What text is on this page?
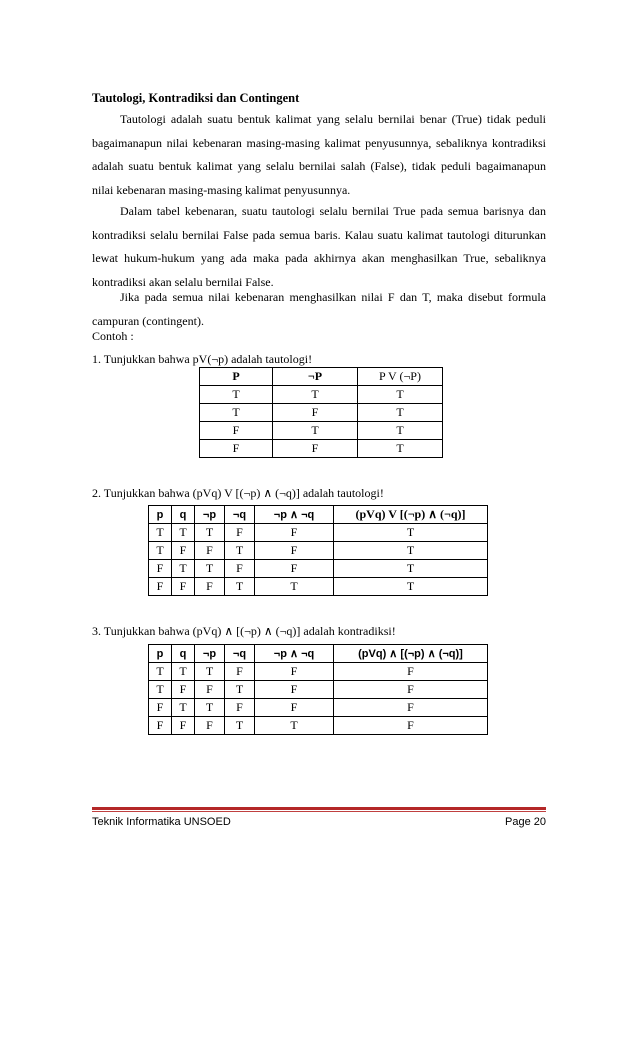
Tautologi, Kontradiksi dan Contingent
Tautologi adalah suatu bentuk kalimat yang selalu bernilai benar (True) tidak peduli bagaimanapun nilai kebenaran masing-masing kalimat penyusunnya, sebaliknya kontradiksi adalah suatu bentuk kalimat yang selalu bernilai salah (False), tidak peduli bagaimanapun nilai kebenaran masing-masing kalimat penyusunnya.
Dalam tabel kebenaran, suatu tautologi selalu bernilai True pada semua barisnya dan kontradiksi selalu bernilai False pada semua baris. Kalau suatu kalimat tautologi diturunkan lewat hukum-hukum yang ada maka pada akhirnya akan menghasilkan True, sebaliknya kontradiksi akan selalu bernilai False.
Jika pada semua nilai kebenaran menghasilkan nilai F dan T, maka disebut formula campuran (contingent).
Contoh :
1. Tunjukkan bahwa pV(¬p) adalah tautologi!
P	¬P	P V (¬P)
T	T	T
T	F	T
F	T	T
F	F	T
2. Tunjukkan bahwa (pVq) V [(¬p) ∧ (¬q)] adalah tautologi!
p	q	¬p	¬q	¬p ∧ ¬q	(pVq) V [(¬p) ∧ (¬q)]
T	T	T	F	F	T
T	F	F	T	F	T
F	T	T	F	F	T
F	F	F	T	T	T
3. Tunjukkan bahwa (pVq) ∧ [(¬p) ∧ (¬q)] adalah kontradiksi!
p	q	¬p	¬q	¬p ∧ ¬q	(pVq) ∧ [(¬p) ∧ (¬q)]
T	T	T	F	F	F
T	F	F	T	F	F
F	T	T	F	F	F
F	F	F	T	T	F
Teknik Informatika UNSOED	Page 20
